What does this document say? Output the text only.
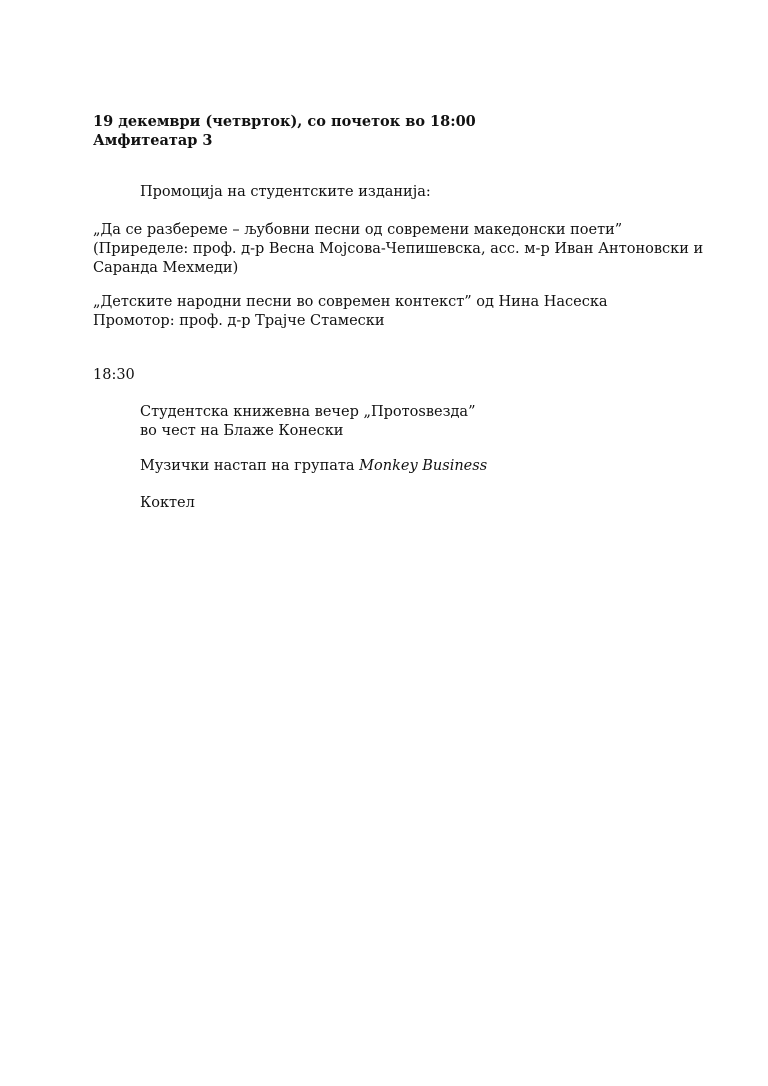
19 декември (четврток), со почеток во 18:00
Амфитеатар 3
Промоција на студентските изданија:
„Да се разбереме – љубовни песни од современи македонски поети”
(Приределе: проф. д-р Весна Мојсова-Чепишевска, асс. м-р Иван Антоновски и
Саранда Мехмеди)
„Детските народни песни во современ контекст” од Нина Насеска
Промотор: проф. д-р Трајче Стамески
18:30
Студентска книжевна вечер „Протоѕвезда”
во чест на Блаже Конески
Музички настап на групата Monkey Business
Коктел
